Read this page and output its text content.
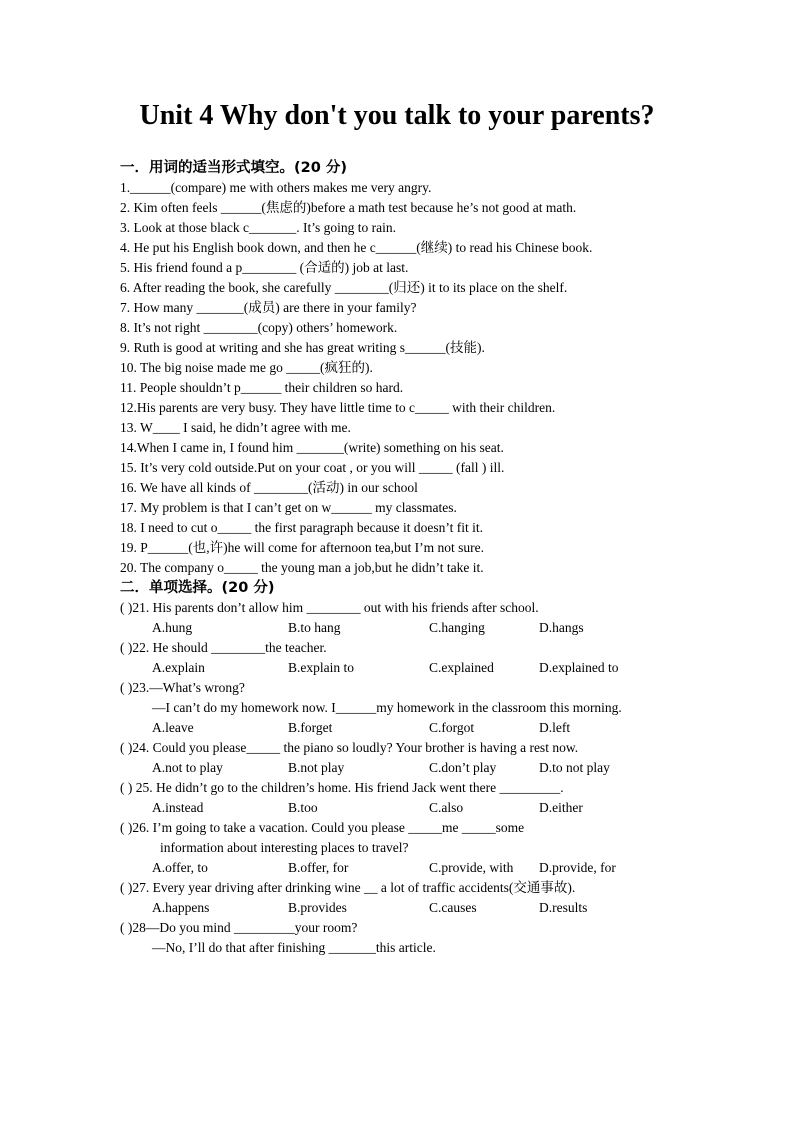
Unit 4 Why don't you talk to your parents?
一．用词的适当形式填空。(20 分)
1.______(compare) me with others makes me very angry.
2. Kim often feels ______(焦虑的)before a math test because he’s not good at math.
3. Look at those black c_______. It’s going to rain.
4. He put his English book down, and then he c______(继续) to read his Chinese book.
5. His friend found a p________ (合适的) job at last.
6. After reading the book, she carefully ________(归还) it to its place on the shelf.
7. How many _______(成员) are there in your family?
8. It’s not right ________(copy) others’ homework.
9. Ruth is good at writing and she has great writing s______(技能).
10. The big noise made me go _____(疯狂的).
11. People shouldn’t p______ their children so hard.
12.His parents are very busy. They have little time to c_____ with their children.
13. W____ I said, he didn’t agree with me.
14.When I came in, I found him _______(write) something on his seat.
15. It’s very cold outside.Put on your coat , or you will _____ (fall ) ill.
16. We have all kinds of ________(活动) in our school
17. My problem is that I can’t get on w______ my classmates.
18. I need to cut o_____ the first paragraph because it doesn’t fit it.
19. P______(也,许)he will come for afternoon tea,but I’m not sure.
20. The company o_____ the young man a job,but he didn’t take it.
二．单项选择。(20 分)
( )21. His parents don’t allow him ________ out with his friends after school.
A.hung	B.to hang	C.hanging	D.hangs
( )22. He should ________the teacher.
A.explain	B.explain to	C.explained	D.explained to
( )23.—What’s wrong?
—I can’t do my homework now. I______my homework in the classroom this morning.
A.leave	B.forget	C.forgot	D.left
( )24. Could you please_____ the piano so loudly? Your brother is having a rest now.
A.not to play	B.not play	C.don’t play	D.to not play
( ) 25. He didn’t go to the children’s home. His friend Jack went there _________.
A.instead	B.too	C.also	D.either
( )26. I’m going to take a vacation. Could you please _____me _____some
information about interesting places to travel?
A.offer, to	B.offer, for	C.provide, with	D.provide, for
( )27. Every year driving after drinking wine __ a lot of traffic accidents(交通事故).
A.happens	B.provides	C.causes	D.results
( )28—Do you mind _________your room?
—No, I’ll do that after finishing _______this article.
